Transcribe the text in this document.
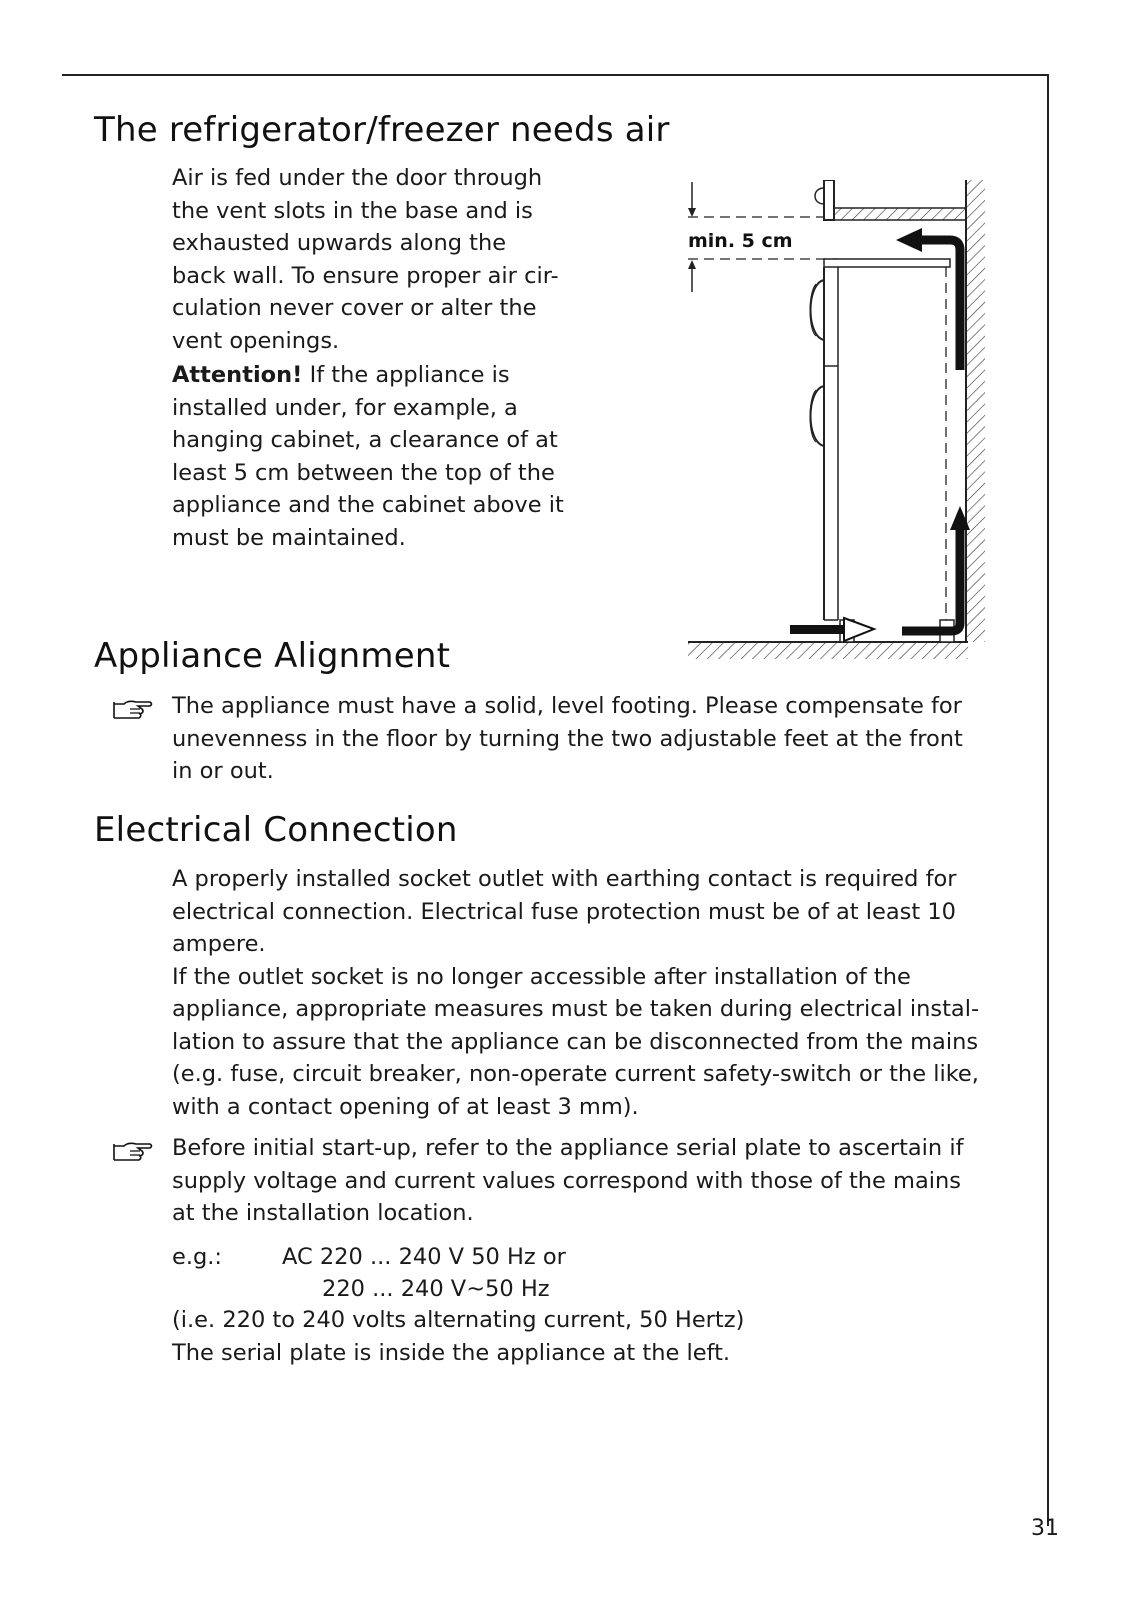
The refrigerator/freezer needs air

Air is fed under the door through

the vent slots in the base and is

exhausted upwards along the

back wall. To ensure proper air cir-

culation never cover or alter the

vent openings.

Attention! If the appliance is

installed under, for example, a

hanging cabinet, a clearance of at

least 5 cm between the top of the

appliance and the cabinet above it

must be maintained.

min. 5 cm
Appliance Alignment

The appliance must have a solid, level footing. Please compensate for

unevenness in the floor by turning the two adjustable feet at the front

in or out.

Electrical Connection

A properly installed socket outlet with earthing contact is required for

electrical connection. Electrical fuse protection must be of at least 10

ampere.

If the outlet socket is no longer accessible after installation of the

appliance, appropriate measures must be taken during electrical instal-

lation to assure that the appliance can be disconnected from the mains

(e.g. fuse, circuit breaker, non-operate current safety-switch or the like,

with a contact opening of at least 3 mm).

Before initial start-up, refer to the appliance serial plate to ascertain if

supply voltage and current values correspond with those of the mains

at the installation location.

e.g.:	AC 220 ... 240 V 50 Hz or
220 ... 240 V~50 Hz

(i.e. 220 to 240 volts alternating current, 50 Hertz)

The serial plate is inside the appliance at the left.

31
